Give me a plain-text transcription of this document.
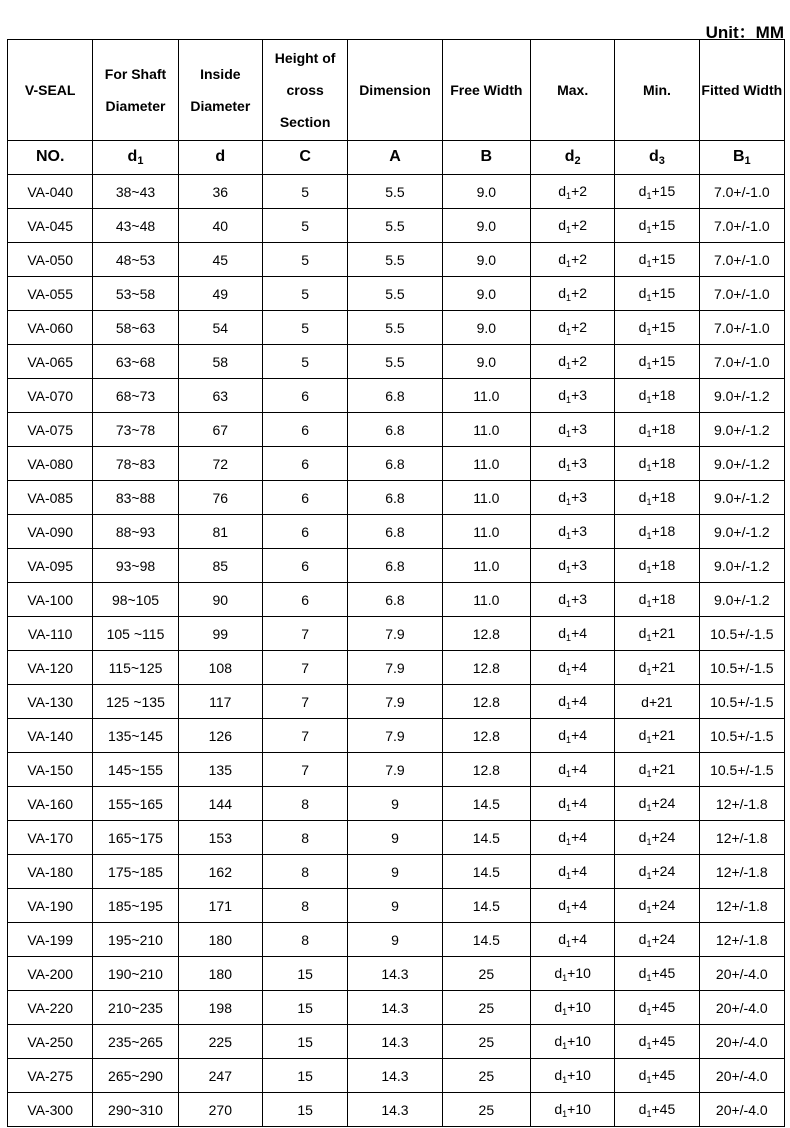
Unit：MM
V-SEAL	For Shaft Diameter	Inside Diameter	Height of cross Section	Dimension	Free Width	Max.	Min.	Fitted Width
NO.	$d_1$	d	C	A	B	$d_2$	$d_3$	$B_1$
VA-040	38~43	36	5	5.5	9.0	$d_1+2$	$d_1+15$	7.0+/-1.0
VA-045	43~48	40	5	5.5	9.0	$d_1+2$	$d_1+15$	7.0+/-1.0
VA-050	48~53	45	5	5.5	9.0	$d_1+2$	$d_1+15$	7.0+/-1.0
VA-055	53~58	49	5	5.5	9.0	$d_1+2$	$d_1+15$	7.0+/-1.0
VA-060	58~63	54	5	5.5	9.0	$d_1+2$	$d_1+15$	7.0+/-1.0
VA-065	63~68	58	5	5.5	9.0	$d_1+2$	$d_1+15$	7.0+/-1.0
VA-070	68~73	63	6	6.8	11.0	$d_1+3$	$d_1+18$	9.0+/-1.2
VA-075	73~78	67	6	6.8	11.0	$d_1+3$	$d_1+18$	9.0+/-1.2
VA-080	78~83	72	6	6.8	11.0	$d_1+3$	$d_1+18$	9.0+/-1.2
VA-085	83~88	76	6	6.8	11.0	$d_1+3$	$d_1+18$	9.0+/-1.2
VA-090	88~93	81	6	6.8	11.0	$d_1+3$	$d_1+18$	9.0+/-1.2
VA-095	93~98	85	6	6.8	11.0	$d_1+3$	$d_1+18$	9.0+/-1.2
VA-100	98~105	90	6	6.8	11.0	$d_1+3$	$d_1+18$	9.0+/-1.2
VA-110	105 ~115	99	7	7.9	12.8	$d_1+4$	$d_1+21$	10.5+/-1.5
VA-120	115~125	108	7	7.9	12.8	$d_1+4$	$d_1+21$	10.5+/-1.5
VA-130	125 ~135	117	7	7.9	12.8	$d_1+4$	d+21	10.5+/-1.5
VA-140	135~145	126	7	7.9	12.8	$d_1+4$	$d_1+21$	10.5+/-1.5
VA-150	145~155	135	7	7.9	12.8	$d_1+4$	$d_1+21$	10.5+/-1.5
VA-160	155~165	144	8	9	14.5	$d_1+4$	$d_1+24$	12+/-1.8
VA-170	165~175	153	8	9	14.5	$d_1+4$	$d_1+24$	12+/-1.8
VA-180	175~185	162	8	9	14.5	$d_1+4$	$d_1+24$	12+/-1.8
VA-190	185~195	171	8	9	14.5	$d_1+4$	$d_1+24$	12+/-1.8
VA-199	195~210	180	8	9	14.5	$d_1+4$	$d_1+24$	12+/-1.8
VA-200	190~210	180	15	14.3	25	$d_1+10$	$d_1+45$	20+/-4.0
VA-220	210~235	198	15	14.3	25	$d_1+10$	$d_1+45$	20+/-4.0
VA-250	235~265	225	15	14.3	25	$d_1+10$	$d_1+45$	20+/-4.0
VA-275	265~290	247	15	14.3	25	$d_1+10$	$d_1+45$	20+/-4.0
VA-300	290~310	270	15	14.3	25	$d_1+10$	$d_1+45$	20+/-4.0
